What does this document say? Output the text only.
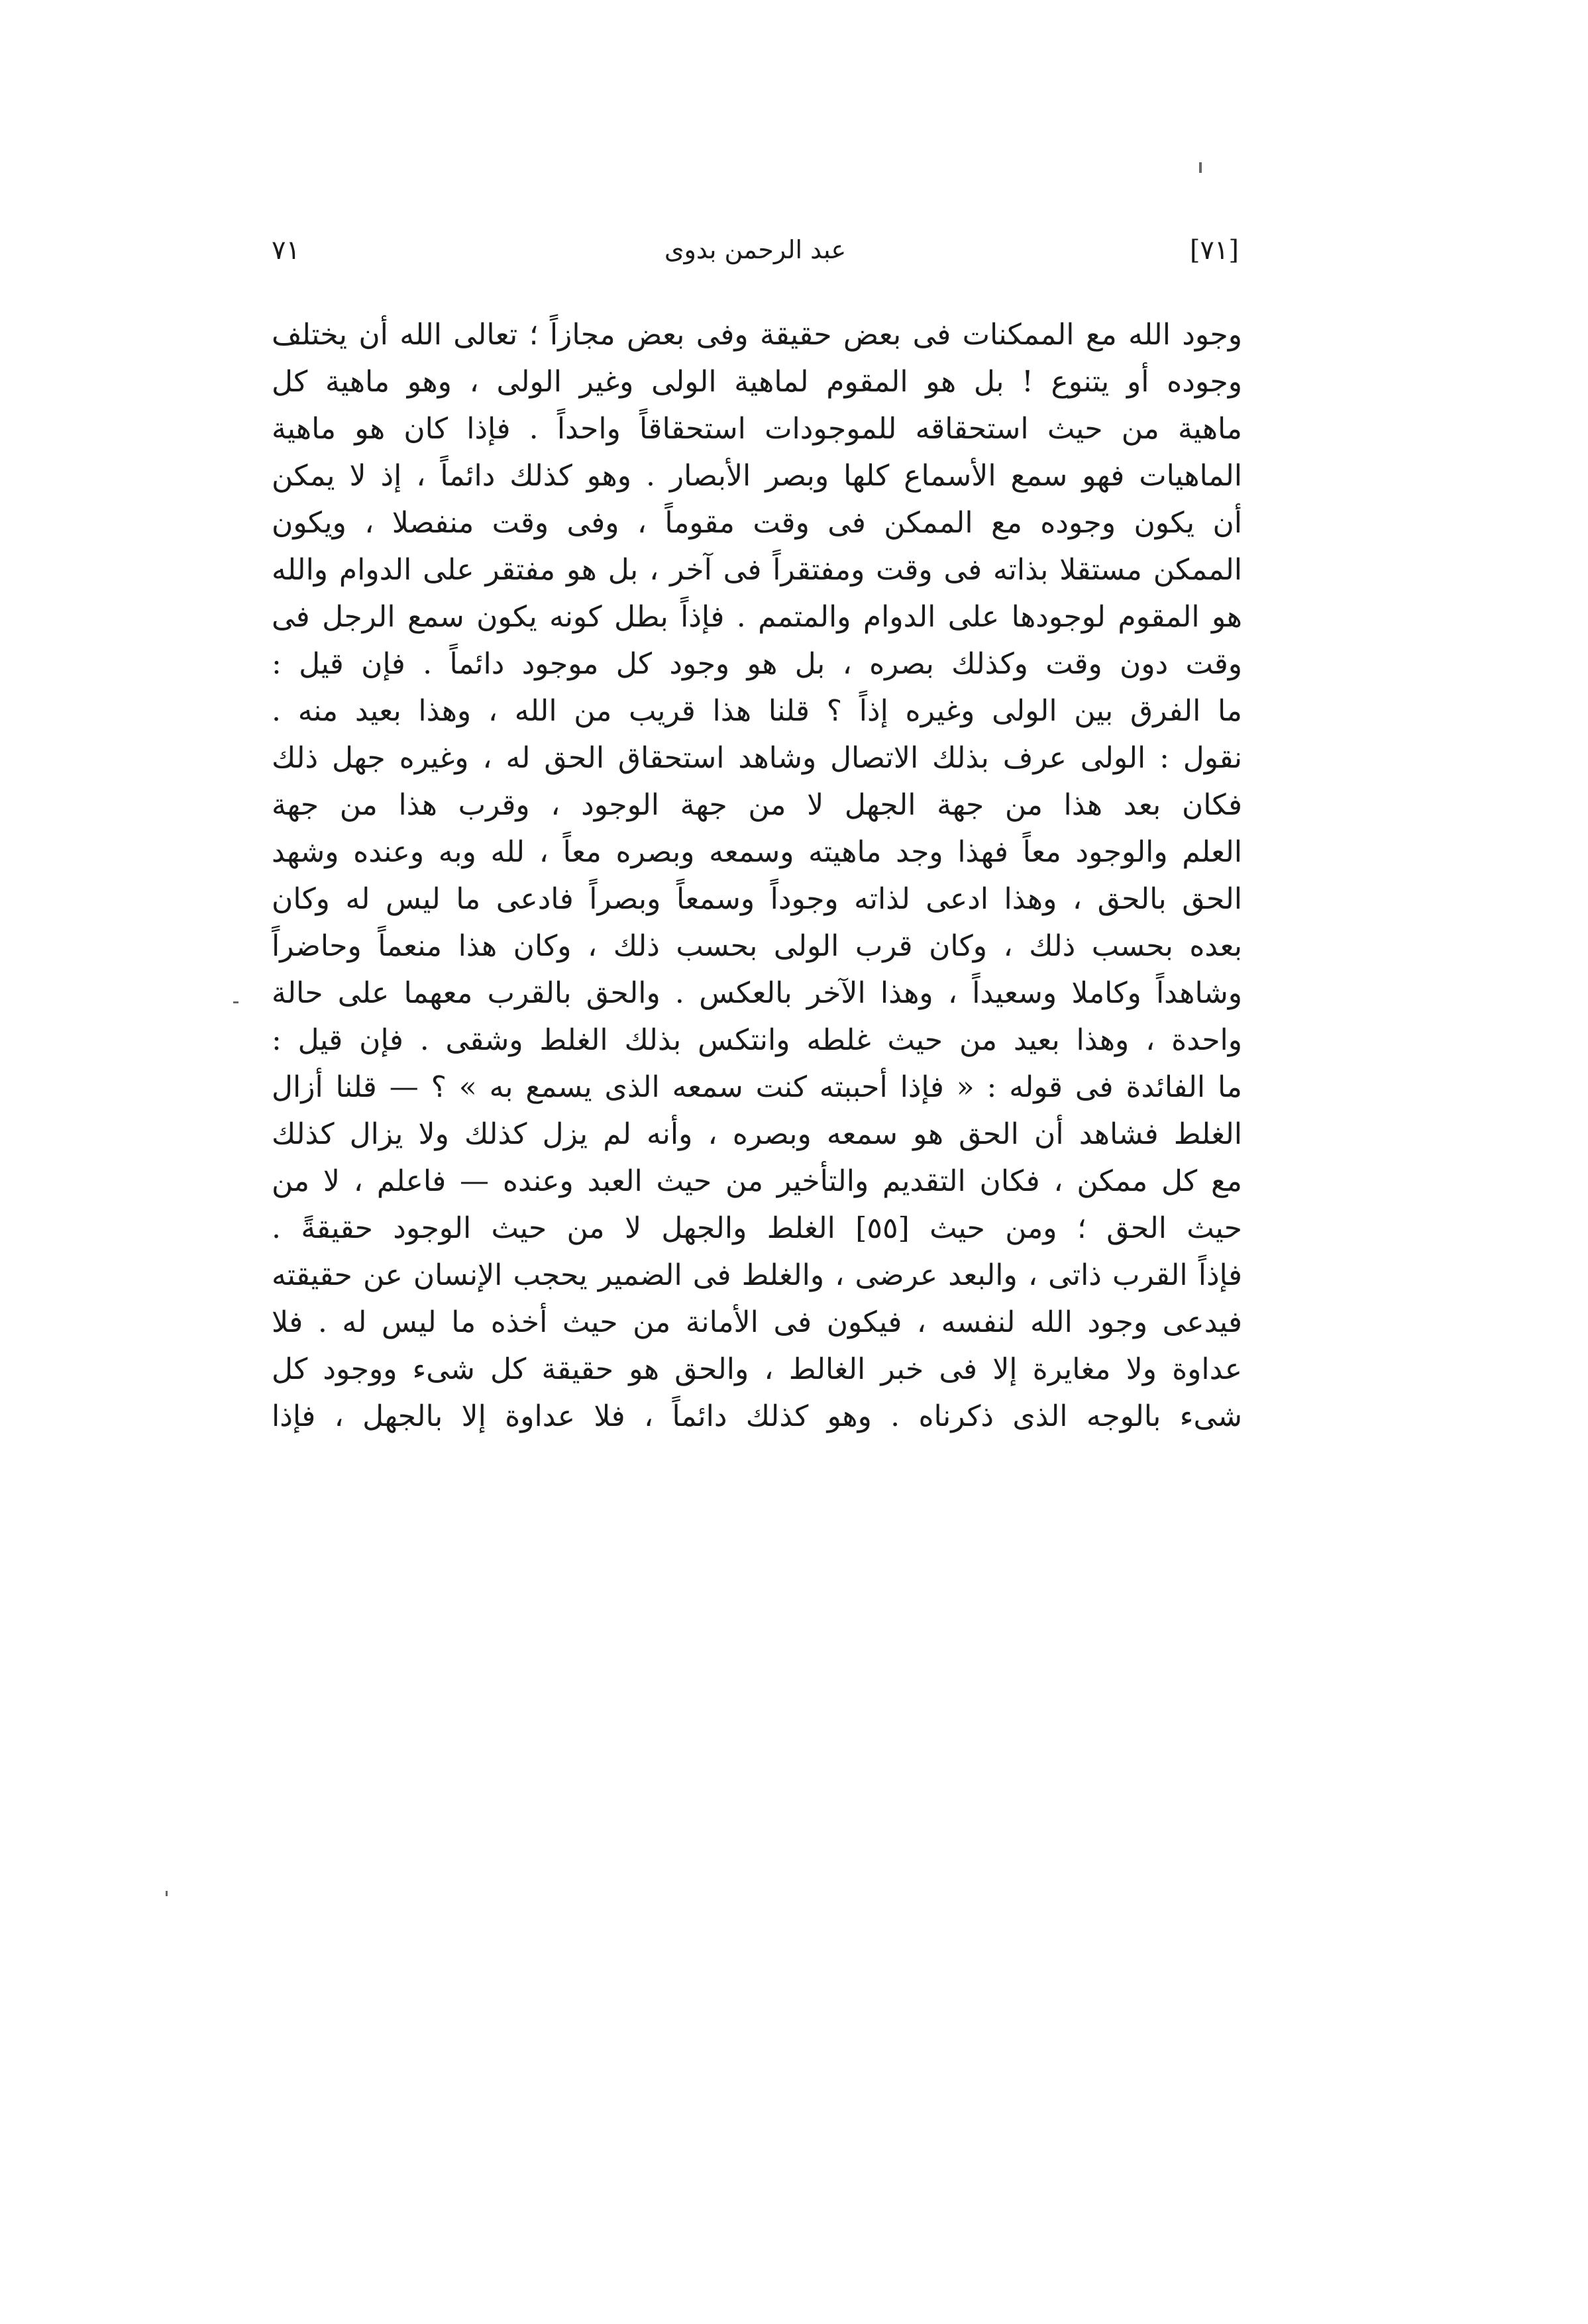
٧١	عبد الرحمن بدوى	[٧١]
وجود الله مع الممكنات فى بعض حقيقة وفى بعض مجازاً ؛ تعالى الله أن يختلف
وجوده أو يتنوع ! بل هو المقوم لماهية الولى وغير الولى ، وهو ماهية كل
ماهية من حيث استحقاقه للموجودات استحقاقاً واحداً . فإذا كان هو ماهية
الماهيات فهو سمع الأسماع كلها وبصر الأبصار . وهو كذلك دائماً ، إذ لا يمكن
أن يكون وجوده مع الممكن فى وقت مقوماً ، وفى وقت منفصلا ، ويكون
الممكن مستقلا بذاته فى وقت ومفتقراً فى آخر ، بل هو مفتقر على الدوام والله
هو المقوم لوجودها على الدوام والمتمم . فإذاً بطل كونه يكون سمع الرجل فى
وقت دون وقت وكذلك بصره ، بل هو وجود كل موجود دائماً . فإن قيل :
ما الفرق بين الولى وغيره إذاً ؟ قلنا هذا قريب من الله ، وهذا بعيد منه .
نقول : الولى عرف بذلك الاتصال وشاهد استحقاق الحق له ، وغيره جهل ذلك
فكان بعد هذا من جهة الجهل لا من جهة الوجود ، وقرب هذا من جهة
العلم والوجود معاً فهذا وجد ماهيته وسمعه وبصره معاً ، لله وبه وعنده وشهد
الحق بالحق ، وهذا ادعى لذاته وجوداً وسمعاً وبصراً فادعى ما ليس له وكان
بعده بحسب ذلك ، وكان قرب الولى بحسب ذلك ، وكان هذا منعماً وحاضراً
وشاهداً وكاملا وسعيداً ، وهذا الآخر بالعكس . والحق بالقرب معهما على حالة
واحدة ، وهذا بعيد من حيث غلطه وانتكس بذلك الغلط وشقى . فإن قيل :
ما الفائدة فى قوله : « فإذا أحببته كنت سمعه الذى يسمع به » ؟ — قلنا أزال
الغلط فشاهد أن الحق هو سمعه وبصره ، وأنه لم يزل كذلك ولا يزال كذلك
مع كل ممكن ، فكان التقديم والتأخير من حيث العبد وعنده — فاعلم ، لا من
حيث الحق ؛ ومن حيث [٥٥] الغلط والجهل لا من حيث الوجود حقيقةً .
فإذاً القرب ذاتى ، والبعد عرضى ، والغلط فى الضمير يحجب الإنسان عن حقيقته
فيدعى وجود الله لنفسه ، فيكون فى الأمانة من حيث أخذه ما ليس له . فلا
عداوة ولا مغايرة إلا فى خبر الغالط ، والحق هو حقيقة كل شىء ووجود كل
شىء بالوجه الذى ذكرناه . وهو كذلك دائماً ، فلا عداوة إلا بالجهل ، فإذا
